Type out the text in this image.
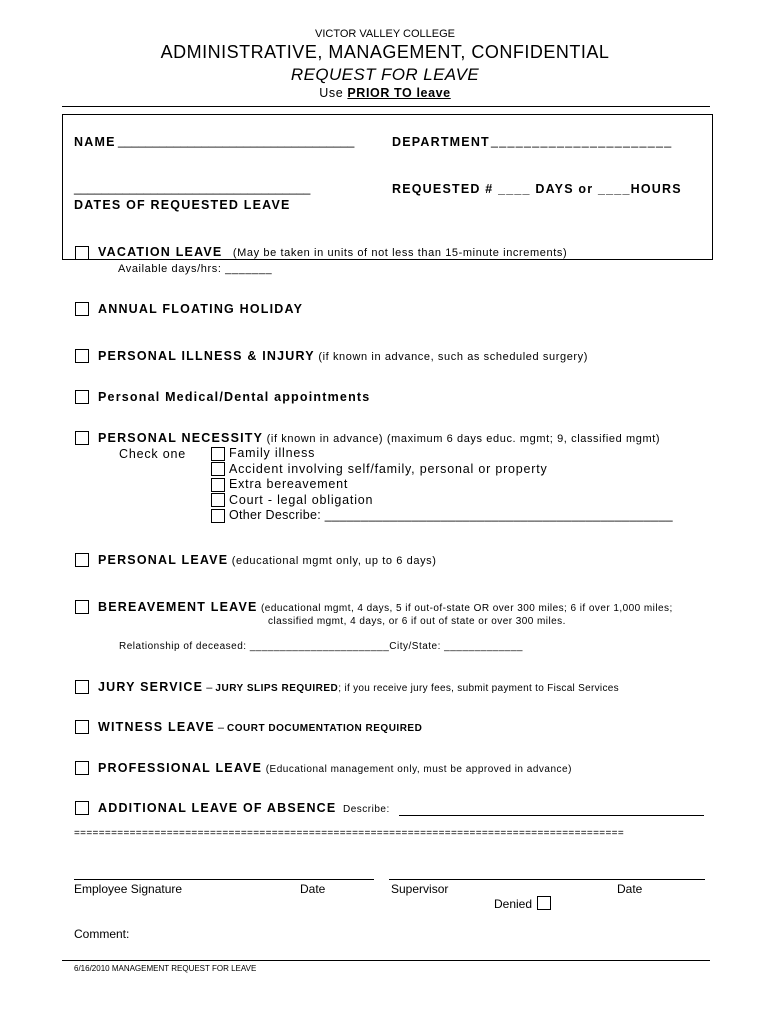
VICTOR VALLEY COLLEGE
ADMINISTRATIVE, MANAGEMENT, CONFIDENTIAL
REQUEST FOR LEAVE
Use PRIOR TO leave
NAME __________________________________	DEPARTMENT ______________________
__________________________________
DATES OF REQUESTED LEAVE
REQUESTED # ____ DAYS or ____HOURS
VACATION LEAVE (May be taken in units of not less than 15-minute increments)
Available days/hrs: _______
ANNUAL FLOATING HOLIDAY
PERSONAL ILLNESS & INJURY (if known in advance, such as scheduled surgery)
Personal Medical/Dental appointments
PERSONAL NECESSITY (if known in advance) (maximum 6 days educ. mgmt; 9, classified mgmt)
Check one	Family illness
Accident involving self/family, personal or property
Extra bereavement
Court - legal obligation
Other Describe: ________________________________________________
PERSONAL LEAVE (educational mgmt only, up to 6 days)
BEREAVEMENT LEAVE (educational mgmt, 4 days, 5 if out-of-state OR over 300 miles; 6 if over 1,000 miles;
classified mgmt, 4 days, or 6 if out of state or over 300 miles.
Relationship of deceased: _______________________City/State: _____________
JURY SERVICE – JURY SLIPS REQUIRED; if you receive jury fees, submit payment to Fiscal Services
WITNESS LEAVE – COURT DOCUMENTATION REQUIRED
PROFESSIONAL LEAVE (Educational management only, must be approved in advance)
ADDITIONAL LEAVE OF ABSENCE Describe:
=========================================================================================
Employee Signature	Date	Supervisor	Date
Denied
Comment:
6/16/2010 MANAGEMENT REQUEST FOR LEAVE
